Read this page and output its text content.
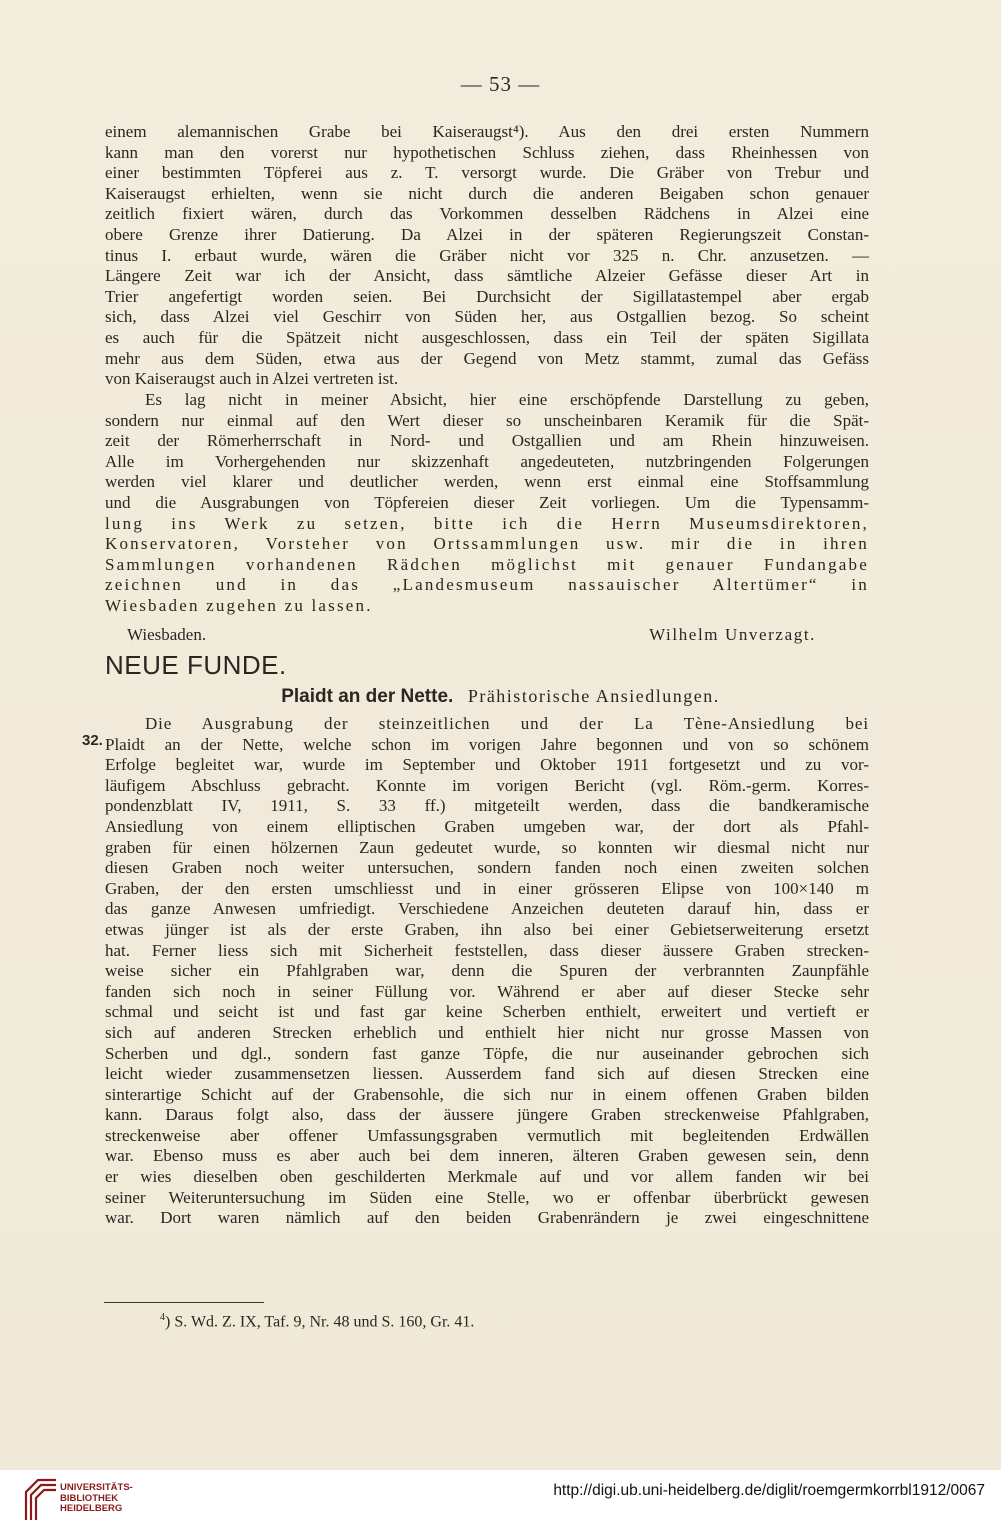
— 53 —
einem alemannischen Grabe bei Kaiseraugst⁴). Aus den drei ersten Nummern
kann man den vorerst nur hypothetischen Schluss ziehen, dass Rheinhessen von
einer bestimmten Töpferei aus z. T. versorgt wurde. Die Gräber von Trebur und
Kaiseraugst erhielten, wenn sie nicht durch die anderen Beigaben schon genauer
zeitlich fixiert wären, durch das Vorkommen desselben Rädchens in Alzei eine
obere Grenze ihrer Datierung. Da Alzei in der späteren Regierungszeit Constan-
tinus I. erbaut wurde, wären die Gräber nicht vor 325 n. Chr. anzusetzen. —
Längere Zeit war ich der Ansicht, dass sämtliche Alzeier Gefässe dieser Art in
Trier angefertigt worden seien. Bei Durchsicht der Sigillatastempel aber ergab
sich, dass Alzei viel Geschirr von Süden her, aus Ostgallien bezog. So scheint
es auch für die Spätzeit nicht ausgeschlossen, dass ein Teil der späten Sigillata
mehr aus dem Süden, etwa aus der Gegend von Metz stammt, zumal das Gefäss
von Kaiseraugst auch in Alzei vertreten ist.
Es lag nicht in meiner Absicht, hier eine erschöpfende Darstellung zu geben,
sondern nur einmal auf den Wert dieser so unscheinbaren Keramik für die Spät-
zeit der Römerherrschaft in Nord- und Ostgallien und am Rhein hinzuweisen.
Alle im Vorhergehenden nur skizzenhaft angedeuteten, nutzbringenden Folgerungen
werden viel klarer und deutlicher werden, wenn erst einmal eine Stoffsammlung
und die Ausgrabungen von Töpfereien dieser Zeit vorliegen. Um die Typensamm-
lung ins Werk zu setzen, bitte ich die Herrn Museumsdirektoren,
Konservatoren, Vorsteher von Ortssammlungen usw. mir die in ihren
Sammlungen vorhandenen Rädchen möglichst mit genauer Fundangabe
zeichnen und in das „Landesmuseum nassauischer Altertümer“ in
Wiesbaden zugehen zu lassen.
Wiesbaden.	Wilhelm Unverzagt.
NEUE FUNDE.
Plaidt an der Nette. Prähistorische Ansiedlungen.
32.
Die Ausgrabung der steinzeitlichen und der La Tène-Ansiedlung bei
Plaidt an der Nette, welche schon im vorigen Jahre begonnen und von so schönem
Erfolge begleitet war, wurde im September und Oktober 1911 fortgesetzt und zu vor-
läufigem Abschluss gebracht. Konnte im vorigen Bericht (vgl. Röm.-germ. Korres-
pondenzblatt IV, 1911, S. 33 ff.) mitgeteilt werden, dass die bandkeramische
Ansiedlung von einem elliptischen Graben umgeben war, der dort als Pfahl-
graben für einen hölzernen Zaun gedeutet wurde, so konnten wir diesmal nicht nur
diesen Graben noch weiter untersuchen, sondern fanden noch einen zweiten solchen
Graben, der den ersten umschliesst und in einer grösseren Elipse von 100×140 m
das ganze Anwesen umfriedigt. Verschiedene Anzeichen deuteten darauf hin, dass er
etwas jünger ist als der erste Graben, ihn also bei einer Gebietserweiterung ersetzt
hat. Ferner liess sich mit Sicherheit feststellen, dass dieser äussere Graben strecken-
weise sicher ein Pfahlgraben war, denn die Spuren der verbrannten Zaunpfähle
fanden sich noch in seiner Füllung vor. Während er aber auf dieser Stecke sehr
schmal und seicht ist und fast gar keine Scherben enthielt, erweitert und vertieft er
sich auf anderen Strecken erheblich und enthielt hier nicht nur grosse Massen von
Scherben und dgl., sondern fast ganze Töpfe, die nur auseinander gebrochen sich
leicht wieder zusammensetzen liessen. Ausserdem fand sich auf diesen Strecken eine
sinterartige Schicht auf der Grabensohle, die sich nur in einem offenen Graben bilden
kann. Daraus folgt also, dass der äussere jüngere Graben streckenweise Pfahlgraben,
streckenweise aber offener Umfassungsgraben vermutlich mit begleitenden Erdwällen
war. Ebenso muss es aber auch bei dem inneren, älteren Graben gewesen sein, denn
er wies dieselben oben geschilderten Merkmale auf und vor allem fanden wir bei
seiner Weiteruntersuchung im Süden eine Stelle, wo er offenbar überbrückt gewesen
war. Dort waren nämlich auf den beiden Grabenrändern je zwei eingeschnittene
$^4$) S. Wd. Z. IX, Taf. 9, Nr. 48 und S. 160, Gr. 41.
UNIVERSITÄTS-
BIBLIOTHEK
HEIDELBERG
http://digi.ub.uni-heidelberg.de/diglit/roemgermkorrbl1912/0067
